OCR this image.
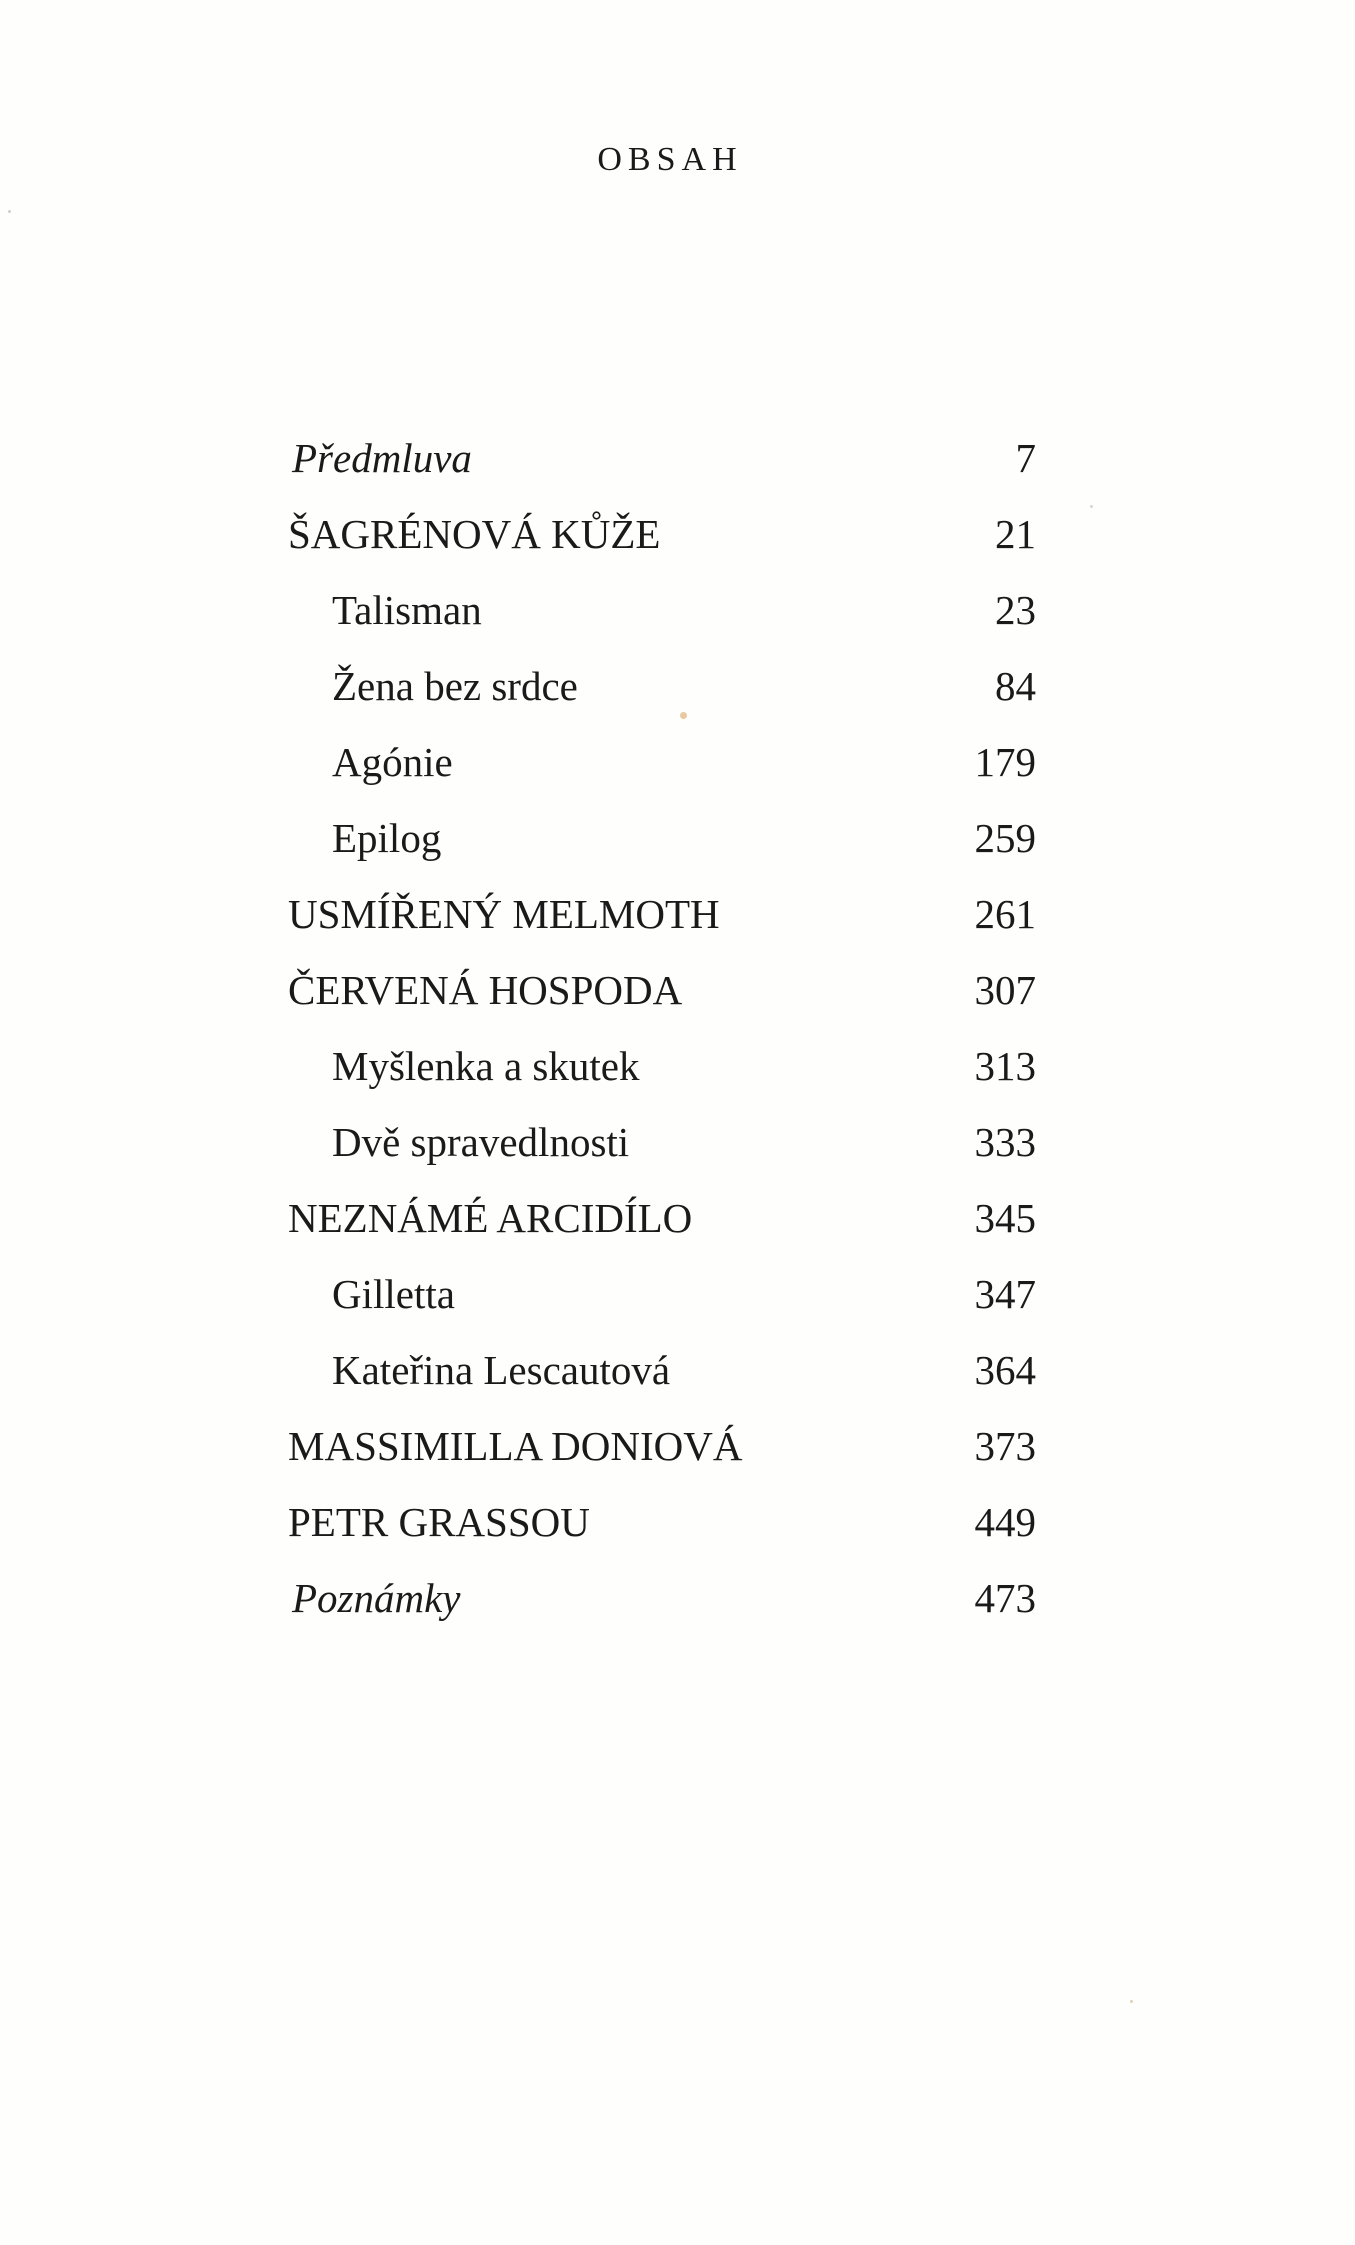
OBSAH
Předmluva	7
ŠAGRÉNOVÁ KŮŽE	21
Talisman	23
Žena bez srdce	84
Agónie	179
Epilog	259
USMÍŘENÝ MELMOTH	261
ČERVENÁ HOSPODA	307
Myšlenka a skutek	313
Dvě spravedlnosti	333
NEZNÁMÉ ARCIDÍLO	345
Gilletta	347
Kateřina Lescautová	364
MASSIMILLA DONIOVÁ	373
PETR GRASSOU	449
Poznámky	473
